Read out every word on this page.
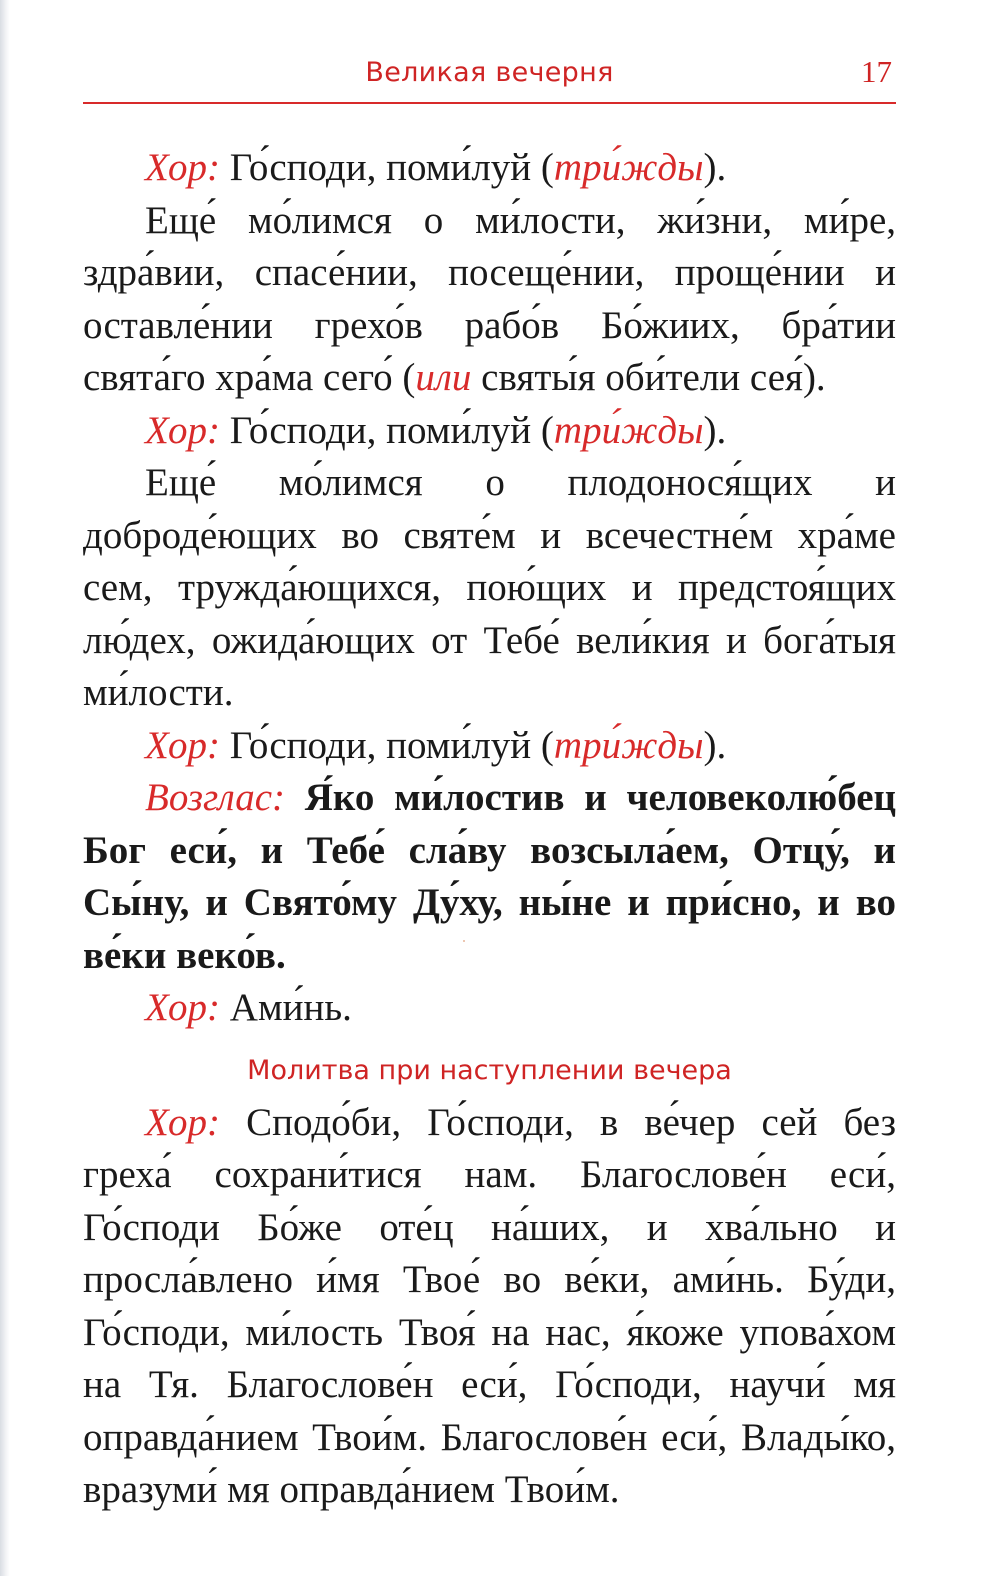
Великая вечерня	17

Хор: Го́споди, поми́луй (три́жды).

Еще́ мо́лимся о ми́лости, жи́зни, ми́ре, здра́вии, спасе́нии, посеще́нии, проще́нии и оставле́нии грехо́в рабо́в Бо́жиих, бра́тии свята́го хра́ма сего́ (или святы́я оби́тели сея́).

Хор: Го́споди, поми́луй (три́жды).

Еще́ мо́лимся о плодонося́щих и доброде́ющих во святе́м и всечестне́м хра́ме сем, тружда́ющихся, пою́щих и предстоя́щих лю́дех, ожида́ющих от Тебе́ вели́кия и бога́тыя ми́лости.

Хор: Го́споди, поми́луй (три́жды).

Возглас: Я́ко ми́лостив и человеколю́бец Бог еси́, и Тебе́ сла́ву возсыла́ем, Отцу́, и Сы́ну, и Свято́му Ду́ху, ны́не и при́сно, и во ве́ки веко́в.

Хор: Ами́нь.

Молитва при наступлении вечера

Хор: Сподо́би, Го́споди, в ве́чер сей без греха́ сохрани́тися нам. Благослове́н еси́, Го́споди Бо́же оте́ц на́ших, и хва́льно и просла́влено и́мя Твое́ во ве́ки, ами́нь. Бу́ди, Го́споди, ми́лость Твоя́ на нас, я́коже упова́хом на Тя. Благослове́н еси́, Го́споди, научи́ мя оправда́нием Твои́м. Благослове́н еси́, Влады́ко, вразуми́ мя оправда́нием Твои́м.
